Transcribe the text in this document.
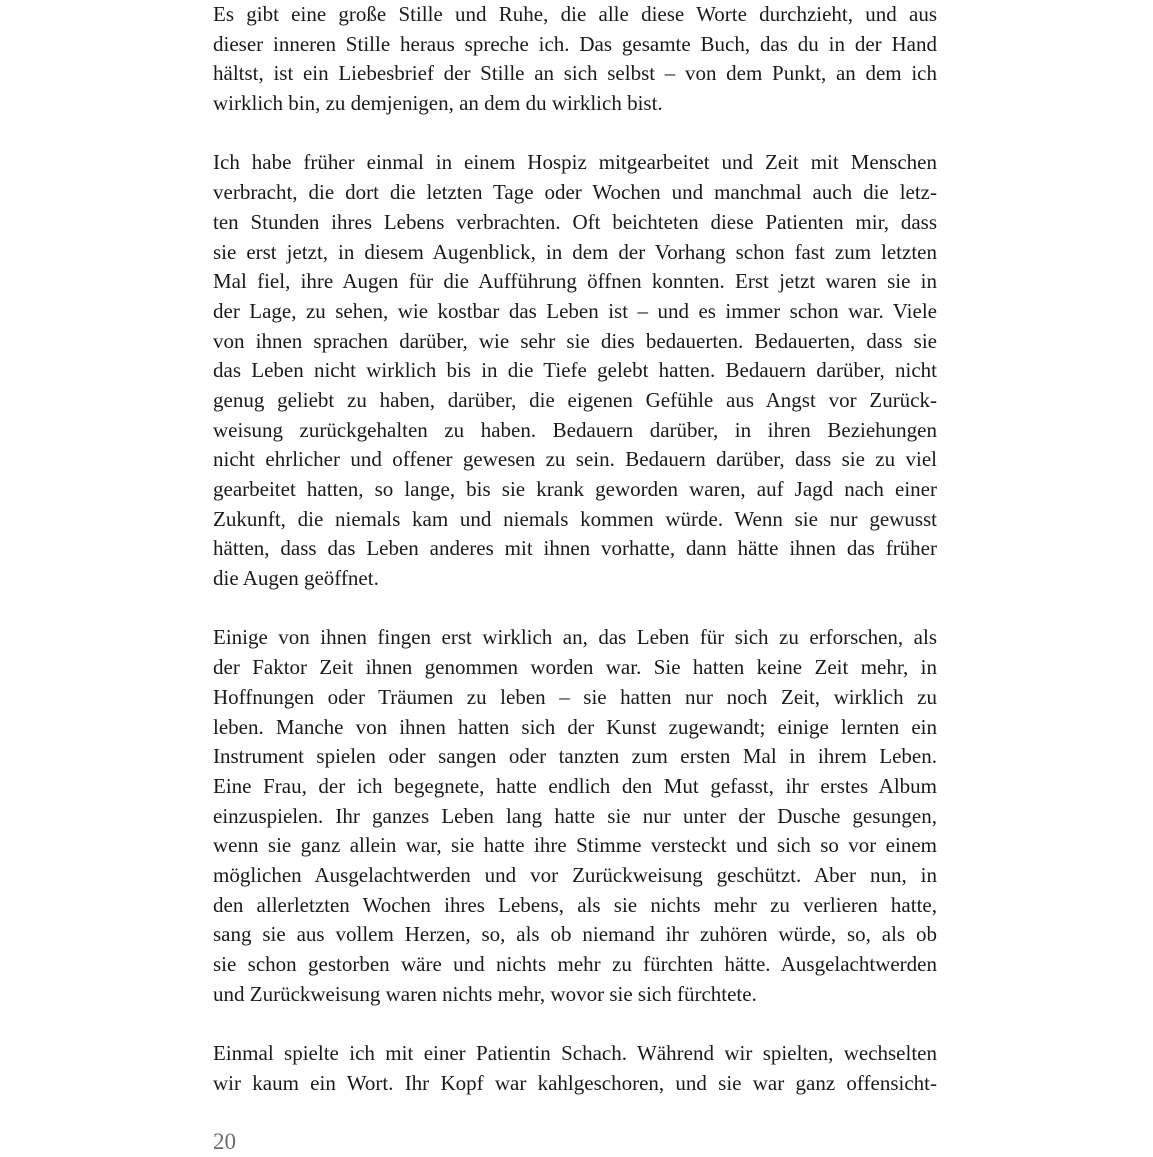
Es gibt eine große Stille und Ruhe, die alle diese Worte durchzieht, und aus
dieser inneren Stille heraus spreche ich. Das gesamte Buch, das du in der Hand
hältst, ist ein Liebesbrief der Stille an sich selbst – von dem Punkt, an dem ich
wirklich bin, zu demjenigen, an dem du wirklich bist.
Ich habe früher einmal in einem Hospiz mitgearbeitet und Zeit mit Menschen
verbracht, die dort die letzten Tage oder Wochen und manchmal auch die letz-
ten Stunden ihres Lebens verbrachten. Oft beichteten diese Patienten mir, dass
sie erst jetzt, in diesem Augenblick, in dem der Vorhang schon fast zum letzten
Mal fiel, ihre Augen für die Aufführung öffnen konnten. Erst jetzt waren sie in
der Lage, zu sehen, wie kostbar das Leben ist – und es immer schon war. Viele
von ihnen sprachen darüber, wie sehr sie dies bedauerten. Bedauerten, dass sie
das Leben nicht wirklich bis in die Tiefe gelebt hatten. Bedauern darüber, nicht
genug geliebt zu haben, darüber, die eigenen Gefühle aus Angst vor Zurück-
weisung zurückgehalten zu haben. Bedauern darüber, in ihren Beziehungen
nicht ehrlicher und offener gewesen zu sein. Bedauern darüber, dass sie zu viel
gearbeitet hatten, so lange, bis sie krank geworden waren, auf Jagd nach einer
Zukunft, die niemals kam und niemals kommen würde. Wenn sie nur gewusst
hätten, dass das Leben anderes mit ihnen vorhatte, dann hätte ihnen das früher
die Augen geöffnet.
Einige von ihnen fingen erst wirklich an, das Leben für sich zu erforschen, als
der Faktor Zeit ihnen genommen worden war. Sie hatten keine Zeit mehr, in
Hoffnungen oder Träumen zu leben – sie hatten nur noch Zeit, wirklich zu
leben. Manche von ihnen hatten sich der Kunst zugewandt; einige lernten ein
Instrument spielen oder sangen oder tanzten zum ersten Mal in ihrem Leben.
Eine Frau, der ich begegnete, hatte endlich den Mut gefasst, ihr erstes Album
einzuspielen. Ihr ganzes Leben lang hatte sie nur unter der Dusche gesungen,
wenn sie ganz allein war, sie hatte ihre Stimme versteckt und sich so vor einem
möglichen Ausgelachtwerden und vor Zurückweisung geschützt. Aber nun, in
den allerletzten Wochen ihres Lebens, als sie nichts mehr zu verlieren hatte,
sang sie aus vollem Herzen, so, als ob niemand ihr zuhören würde, so, als ob
sie schon gestorben wäre und nichts mehr zu fürchten hätte. Ausgelachtwerden
und Zurückweisung waren nichts mehr, wovor sie sich fürchtete.
Einmal spielte ich mit einer Patientin Schach. Während wir spielten, wechselten
wir kaum ein Wort. Ihr Kopf war kahlgeschoren, und sie war ganz offensicht-
20
